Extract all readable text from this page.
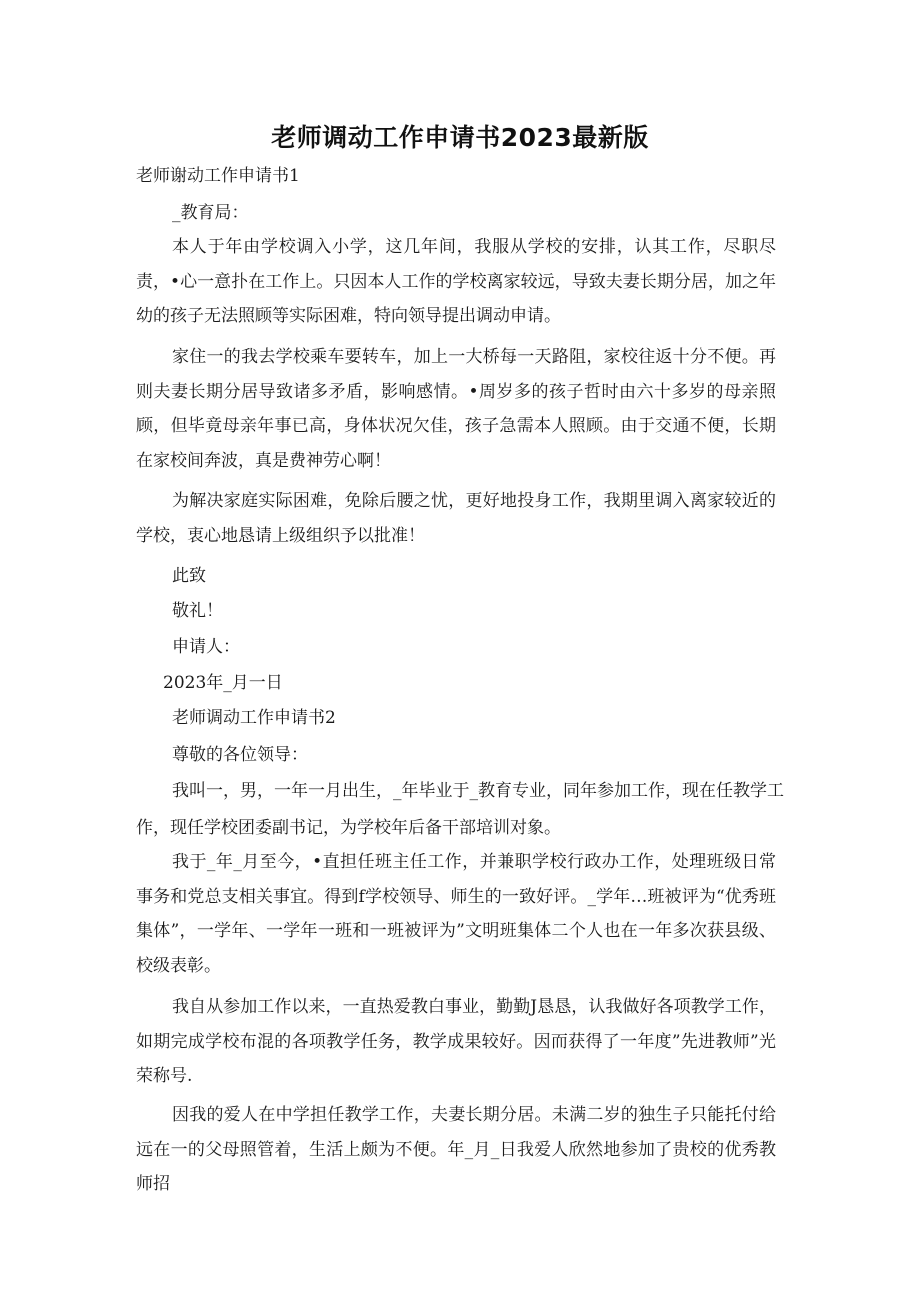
老师调动工作申请书2023最新版
老师谢动工作申请书1
_教育局：
本人于年由学校调入小学，这几年间，我服从学校的安排，认其工作，尽职尽责，•心一意扑在工作上。只因本人工作的学校离家较远，导致夫妻长期分居，加之年幼的孩子无法照顾等实际困难，特向领导提出调动申请。
家住一的我去学校乘车要转车，加上一大桥每一天路阻，家校往返十分不便。再则夫妻长期分居导致诸多矛盾，影响感情。•周岁多的孩子哲时由六十多岁的母亲照顾，但毕竟母亲年事已高，身体状况欠佳，孩子急需本人照顾。由于交通不便，长期在家校间奔波，真是费神劳心啊！
为解决家庭实际困难，免除后腰之忧，更好地投身工作，我期里调入离家较近的学校，衷心地恳请上级组织予以批准！
此致
敬礼！
申请人：
2023年_月一日
老师调动工作申请书2
尊敬的各位领导：
我叫一，男，一年一月出生，_年毕业于_教育专业，同年参加工作，现在任教学工
作，现任学校团委副书记，为学校年后备干部培训对象。
我于_年_月至今，•直担任班主任工作，并兼职学校行政办工作，处理班级日常事务和党总支相关事宜。得到f学校领导、师生的一致好评。_学年…班被评为“优秀班集体”，一学年、一学年一班和一班被评为”文明班集体二个人也在一年多次获县级、校级表彰。
我自从参加工作以来，一直热爱教白事业，勤勤J恳恳，认我做好各项教学工作，如期完成学校布混的各项教学任务，教学成果较好。因而获得了一年度”先进教师”光荣称号.
因我的爱人在中学担任教学工作，夫妻长期分居。未满二岁的独生子只能托付给远在一的父母照管着，生活上颇为不便。年_月_日我爱人欣然地参加了贵校的优秀教师招
